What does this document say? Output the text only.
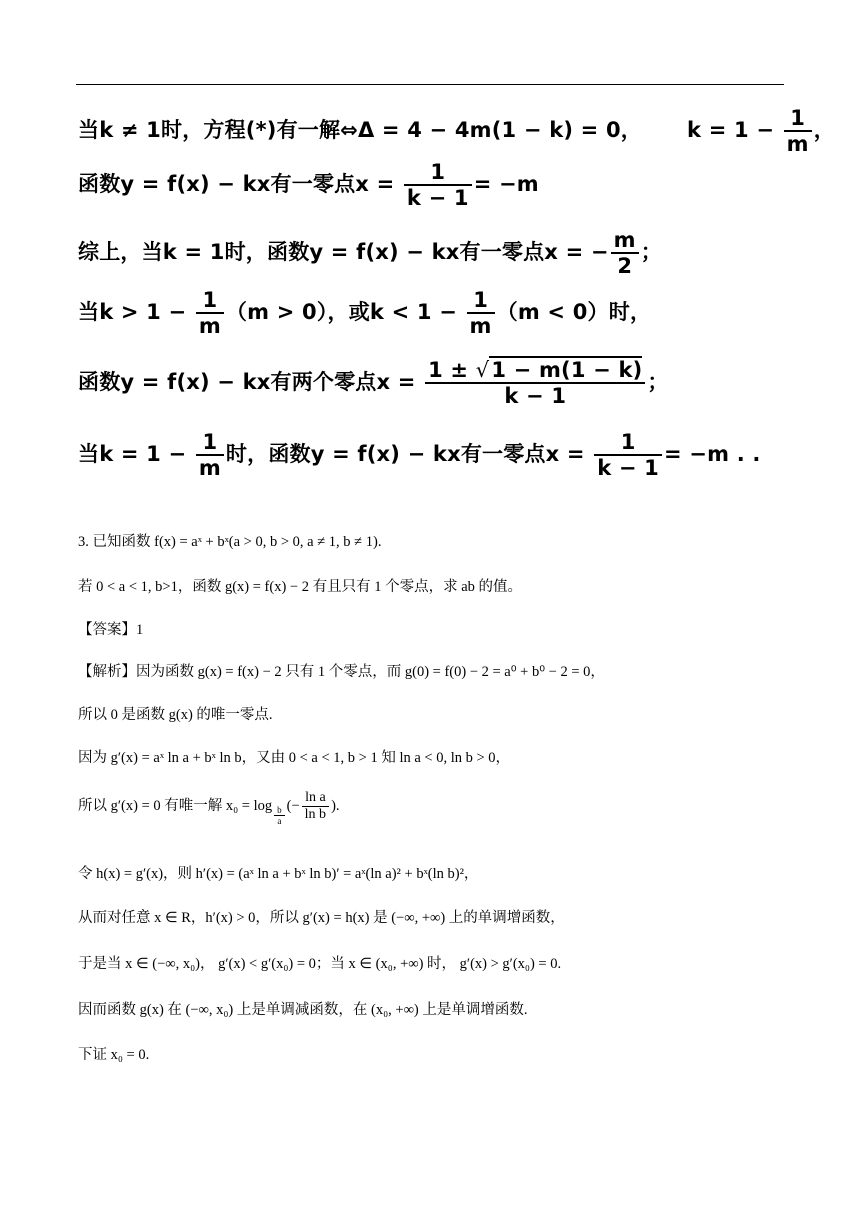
当k ≠ 1时，方程(*)有一解⇔Δ = 4 − 4m(1 − k) = 0， $k = 1 - \frac{1}{m}$ ，
函数y = f(x) − kx有一零点$x = \frac{1}{k - 1} = -m$
综上，当k = 1时，函数y = f(x) − kx有一零点x = − $\frac{m}{2}$ ；
当$k > 1 - \frac{1}{m} (m > 0)$，或$k < 1 - \frac{1}{m} (m < 0)$时，
函数y = f(x) − kx有两个零点$x = \frac{1 \pm √1 - m(1 - k)}{k - 1}$ ；
当$k = 1 - \frac{1}{m}$ 时，函数y = f(x) − kx有一零点$x = \frac{1}{k - 1} = -m$ . .
3. 已知函数 f(x) = aˣ + bˣ(a > 0, b > 0, a ≠ 1, b ≠ 1).
若 0 < a < 1, b>1，函数 g(x) = f(x) − 2 有且只有 1 个零点，求 ab 的值。
【答案】1
【解析】因为函数 g(x) = f(x) − 2 只有 1 个零点，而 g(0) = f(0) − 2 = a⁰ + b⁰ − 2 = 0，
所以 0 是函数 g(x) 的唯一零点.
因为 g′(x) = aˣ ln a + bˣ ln b，又由 0 < a < 1, b > 1 知 ln a < 0, ln b > 0，
所以 g′(x) = 0 有唯一解 $x_0 = \log \frac{b}{a}$ (− $\frac{\text{ln a}}{\text{ln b}}$ ).
令 h(x) = g′(x)，则 h′(x) = (aˣ ln a + bˣ ln b)′ = aˣ(ln a)² + bˣ(ln b)²，
从而对任意 x ∈ R，h′(x) > 0，所以 g′(x) = h(x) 是 (−∞, +∞) 上的单调增函数，
于是当 x ∈ (−∞, x₀)， g′(x) < g′(x₀) = 0；当 x ∈ (x₀, +∞) 时， g′(x) > g′(x₀) = 0.
因而函数 g(x) 在 (−∞, x₀) 上是单调减函数，在 (x₀, +∞) 上是单调增函数.
下证 x₀ = 0.
